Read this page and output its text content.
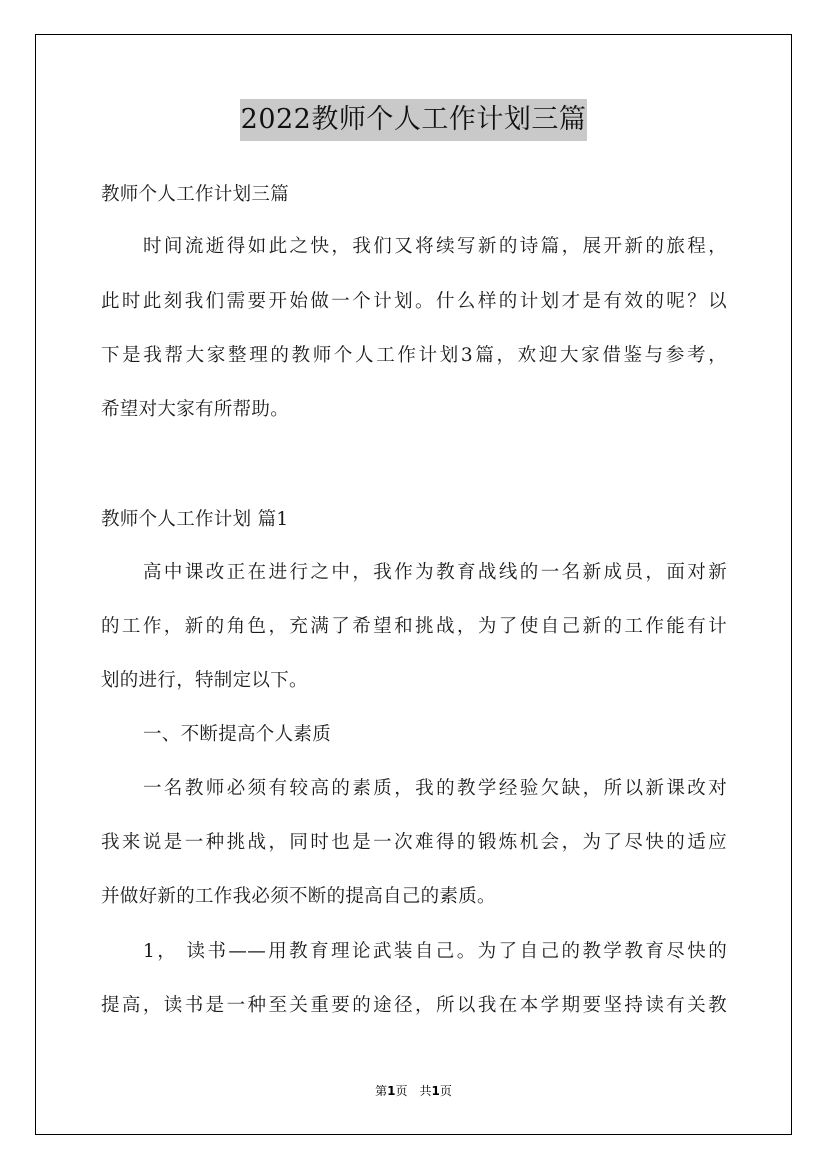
2022教师个人工作计划三篇
教师个人工作计划三篇
时间流逝得如此之快，我们又将续写新的诗篇，展开新的旅程，
此时此刻我们需要开始做一个计划。什么样的计划才是有效的呢？以
下是我帮大家整理的教师个人工作计划3篇，欢迎大家借鉴与参考，
希望对大家有所帮助。
教师个人工作计划 篇1
高中课改正在进行之中，我作为教育战线的一名新成员，面对新
的工作，新的角色，充满了希望和挑战，为了使自己新的工作能有计
划的进行，特制定以下。
一、不断提高个人素质
一名教师必须有较高的素质，我的教学经验欠缺，所以新课改对
我来说是一种挑战，同时也是一次难得的锻炼机会，为了尽快的适应
并做好新的工作我必须不断的提高自己的素质。
1， 读书——用教育理论武装自己。为了自己的教学教育尽快的
提高，读书是一种至关重要的途径，所以我在本学期要坚持读有关教
第1页　共1页
